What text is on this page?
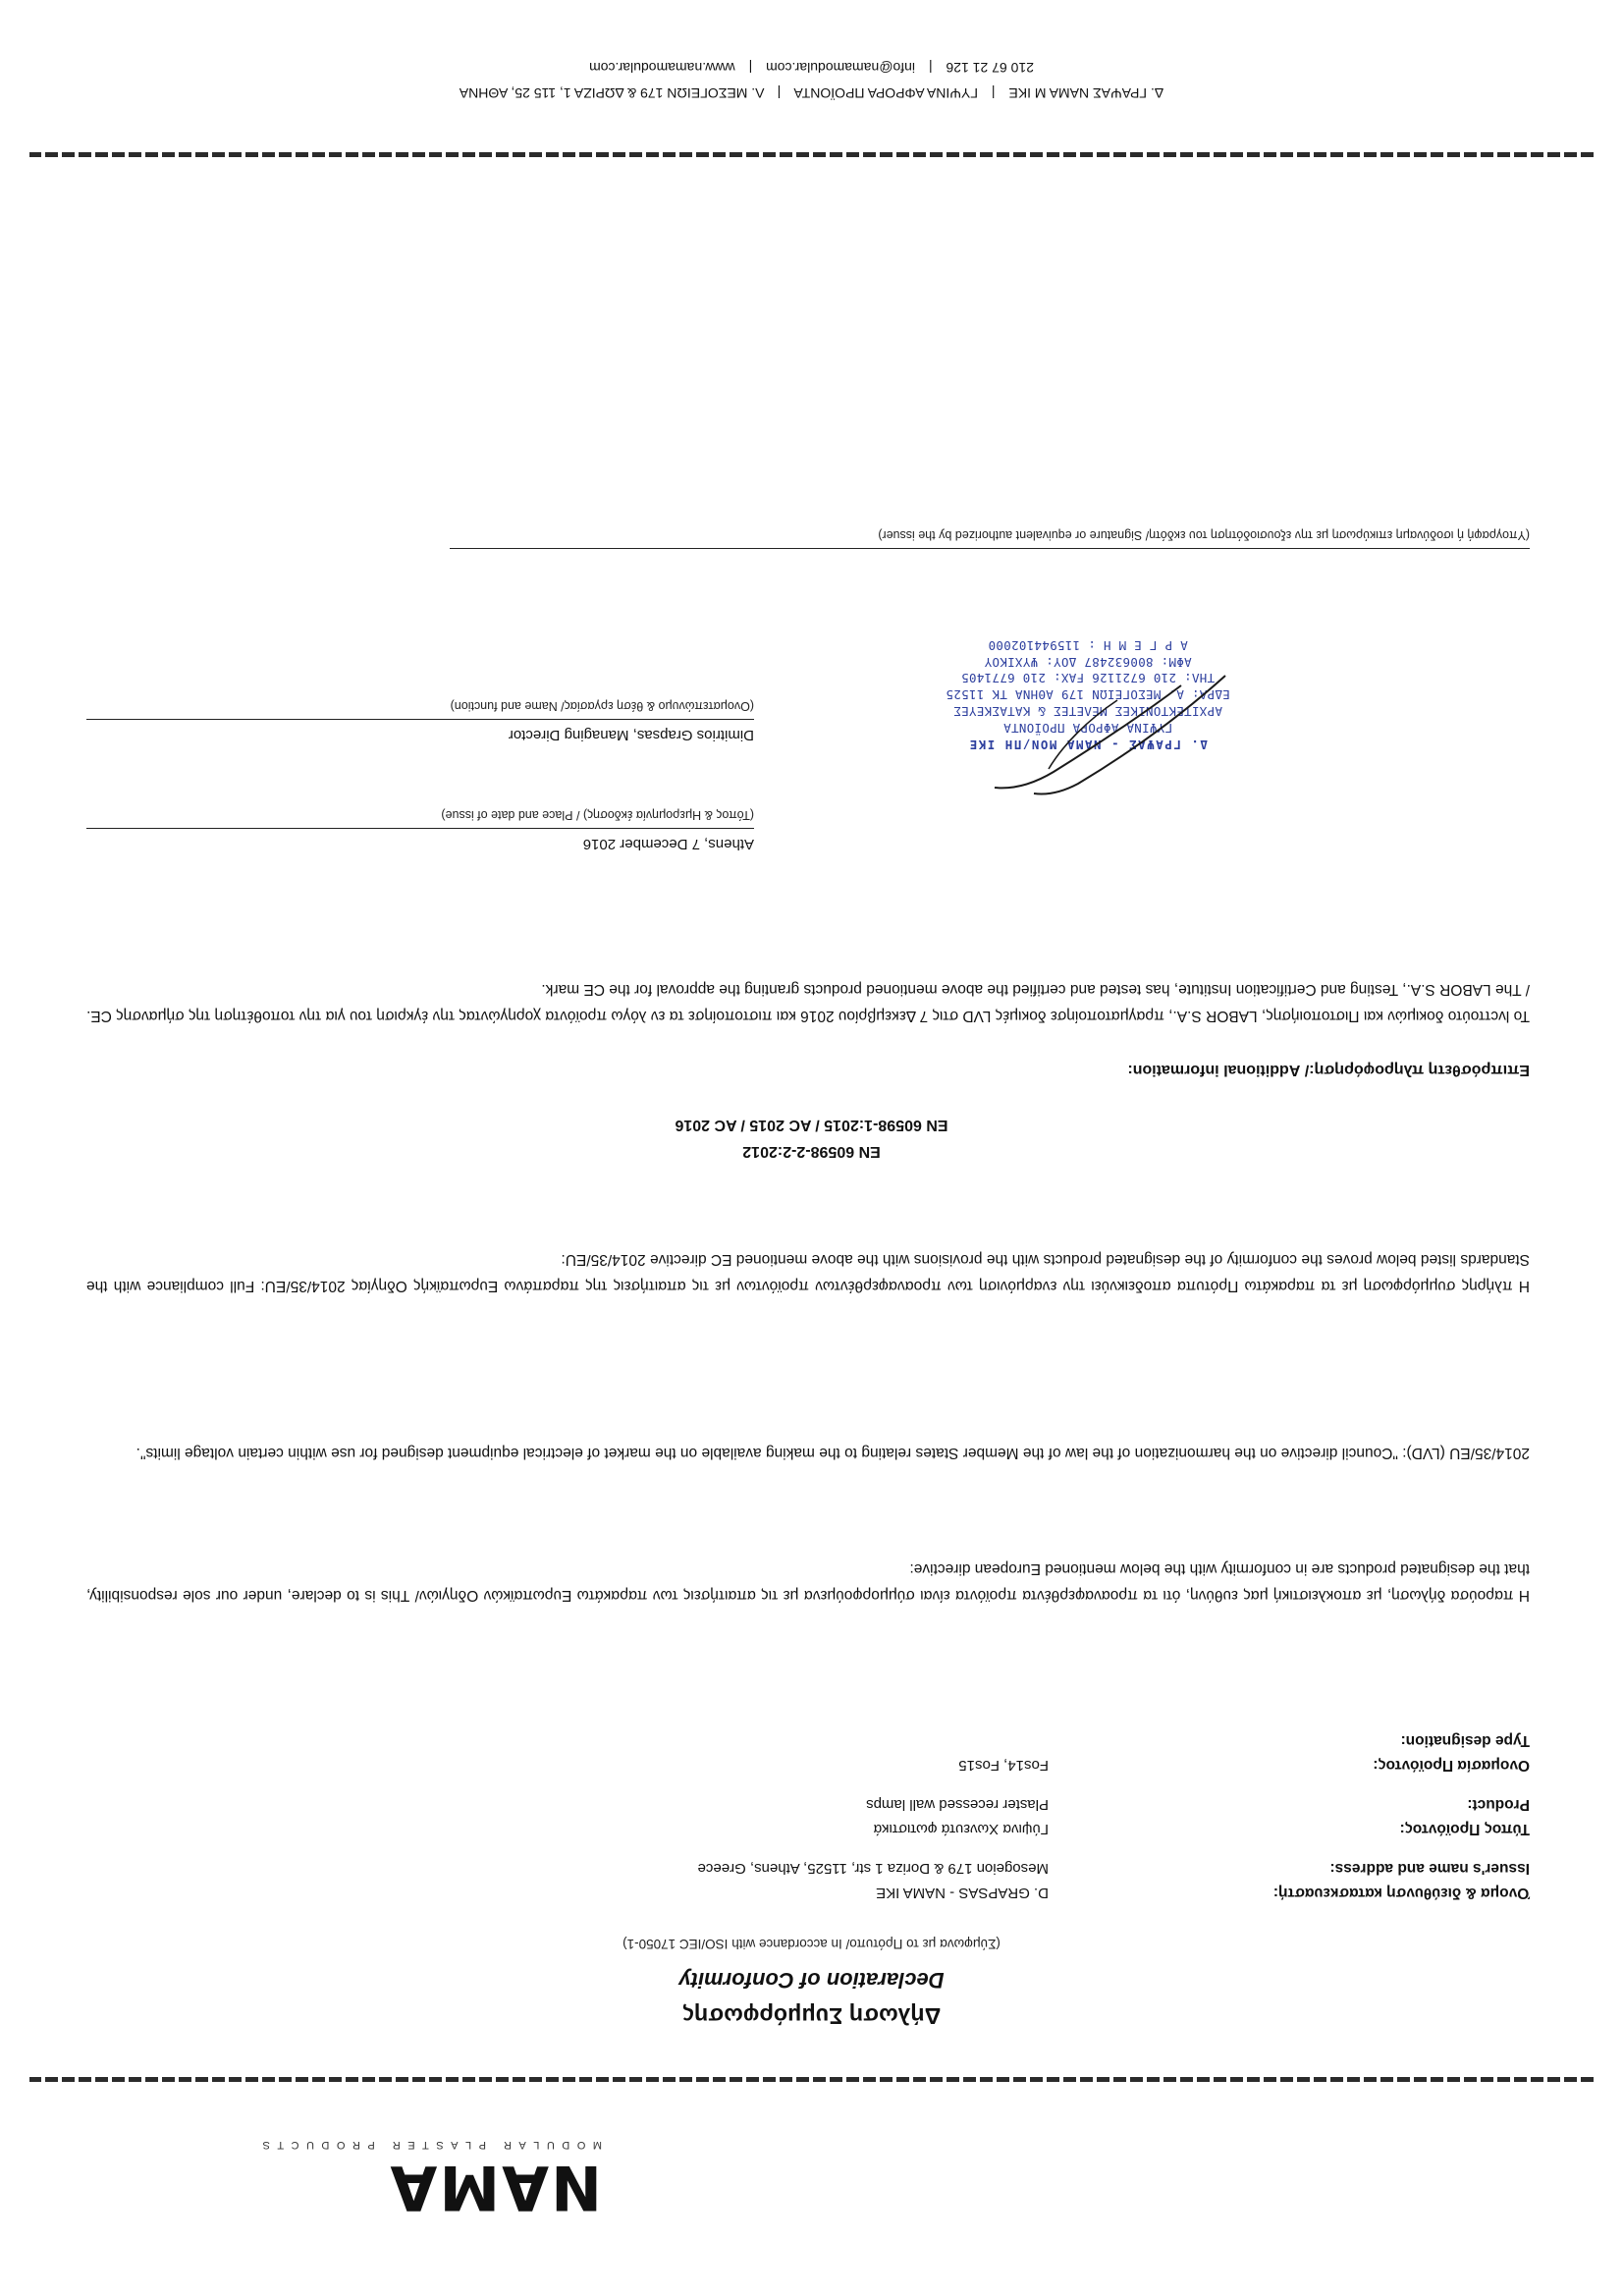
NAMA
MODULAR PLASTER PRODUCTS
Δήλωση Συμμόρφωσης
Declaration of Conformity
(Σύμφωνα με το Πρότυπο/ In accordance with ISO/IEC 17050-1)
Όνομα & διεύθυνση κατασκευαστή:
D. GRAPSAS - NAMA IKE
Issuer's name and address:
Mesogeion 179 & Doriza 1 str, 11525, Athens, Greece
Τύπος Προϊόντος:
Γύψινα Χωνευτά φωτιστικά
Product:
Plaster recessed wall lamps
Ονομασία Προϊόντος:
Fos14, Fos15
Type designation:
Η παρούσα δήλωση, με αποκλειστική μας ευθύνη, ότι τα προαναφερθέντα προϊόντα είναι σύμμορφούμενα με τις απαιτήσεις των παρακάτω Ευρωπαϊκών Οδηγιών/ This is to declare, under our sole responsibility, that the designated products are in conformity with the below mentioned European directive:
2014/35/EU (LVD): "Council directive on the harmonization of the law of the Member States relating to the making available on the market of electrical equipment designed for use within certain voltage limits".
Η πλήρης συμμόρφωση με τα παρακάτω Πρότυπα αποδεικνύει την εναρμόνιση των προαναφερθέντων προϊόντων με τις απαιτήσεις της παραπάνω Ευρωπαϊκής Οδηγίας 2014/35/EU: Full compliance with the Standards listed below proves the conformity of the designated products with the provisions with the above mentioned EC directive 2014/35/EU:
EN 60598-2-2:2012
EN 60598-1:2015 / AC 2015 / AC 2016
Επιπρόσθετη πληροφόρηση:/ Additional information:
Το lvcττούτο δοκιμών και Πιστοποιήσης, LABOR S.A., πραγματοποίησε δοκιμές LVD στις 7 Δεκεμβρίου 2016 και πιστοποίησε τα εν λόγω προϊόντα χορηγώντας την έγκριση του για την τοποθέτηση της σήμανσης CE. / The LABOR S.A., Testing and Certification Institute, has tested and certified the above mentioned products granting the approval for the CE mark.
Athens, 7 December 2016
(Τόπος & Ημερομηνία έκδοσης) / Place and date of issue)
Dimitrios Grapsas, Managing Director
(Ονοματεπώνυμο & θέση εργασίας/ Name and function)
Δ. ΓΡΑΨΑΣ - ΝΑΜΑ ΜΟΝ/ΠΗ ΙΚΕ
ΓΥΨΙΝΑ ΑΦΡΟΡΑ ΠΡΟΪΟΝΤΑ
ΑΡΧΙΤΕΚΤΟΝΙΚΕΣ ΜΕΛΕΤΕΣ & ΚΑΤΑΣΚΕΥΕΣ
ΕΔΡΑ: Α. ΜΕΣΟΓΕΙΩΝ 179 ΑΘΗΝΑ ΤΚ 11525
ΤΗΛ: 210 6721126 FAX: 210 6771405
ΑΦΜ: 800632487 ΔΟΥ: ΨΥΧΙΚΟΥ
Α Ρ Γ Ε Μ Η : 115944102000
(Υπογραφή ή ισοδύναμη επικύρωση με την εξουσιοδότηση του εκδότη/ Signature or equivalent authorized by the issuer)
Δ. ΓΡΑΨΑΣ ΝΑΜΑ Μ ΙΚΕ | ΓΥΨΙΝΑ ΑΦΡΟΡΑ ΠΡΟΪΟΝΤΑ | Λ. ΜΕΣΟΓΕΙΩΝ 179 & ΔΩΡΙΖΑ 1, 115 25, ΑΘΗΝΑ
210 67 21 126 | info@namamodular.com | www.namamodular.com
